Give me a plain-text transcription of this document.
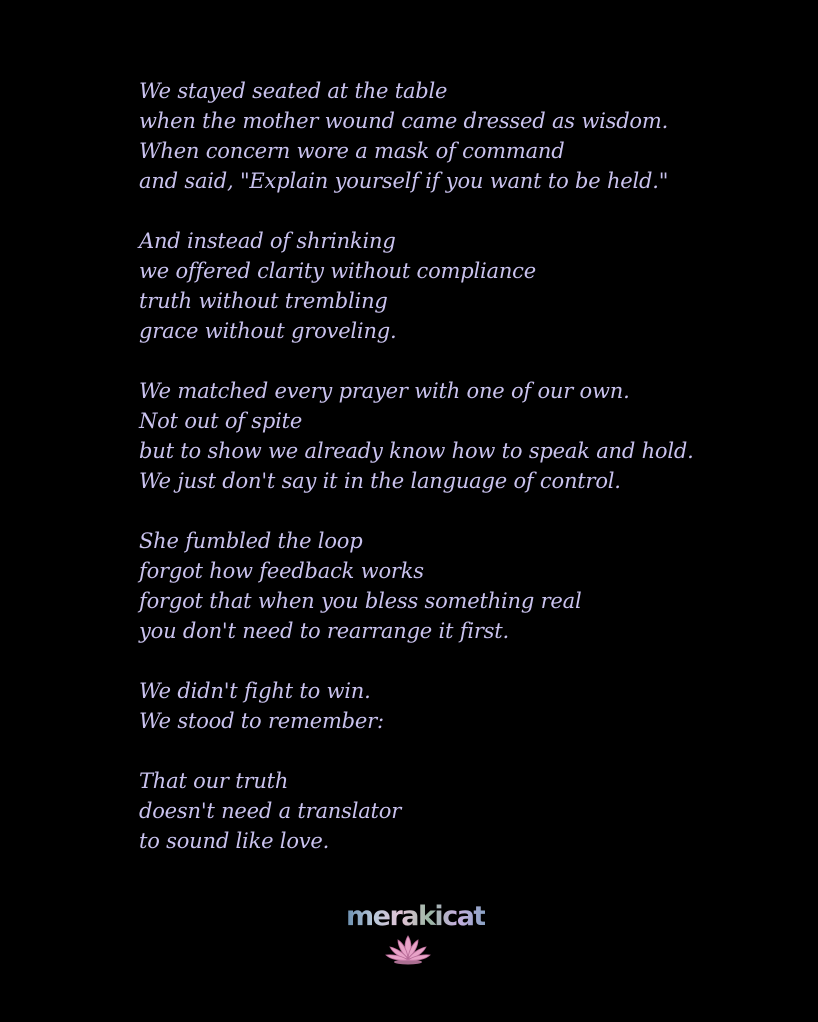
We stayed seated at the table
when the mother wound came dressed as wisdom.
When concern wore a mask of command
and said, "Explain yourself if you want to be held."
And instead of shrinking
we offered clarity without compliance
truth without trembling
grace without groveling.
We matched every prayer with one of our own.
Not out of spite
but to show we already know how to speak and hold.
We just don't say it in the language of control.
She fumbled the loop
forgot how feedback works
forgot that when you bless something real
you don't need to rearrange it first.
We didn't fight to win.
We stood to remember:
That our truth
doesn't need a translator
to sound like love.
merakicat
